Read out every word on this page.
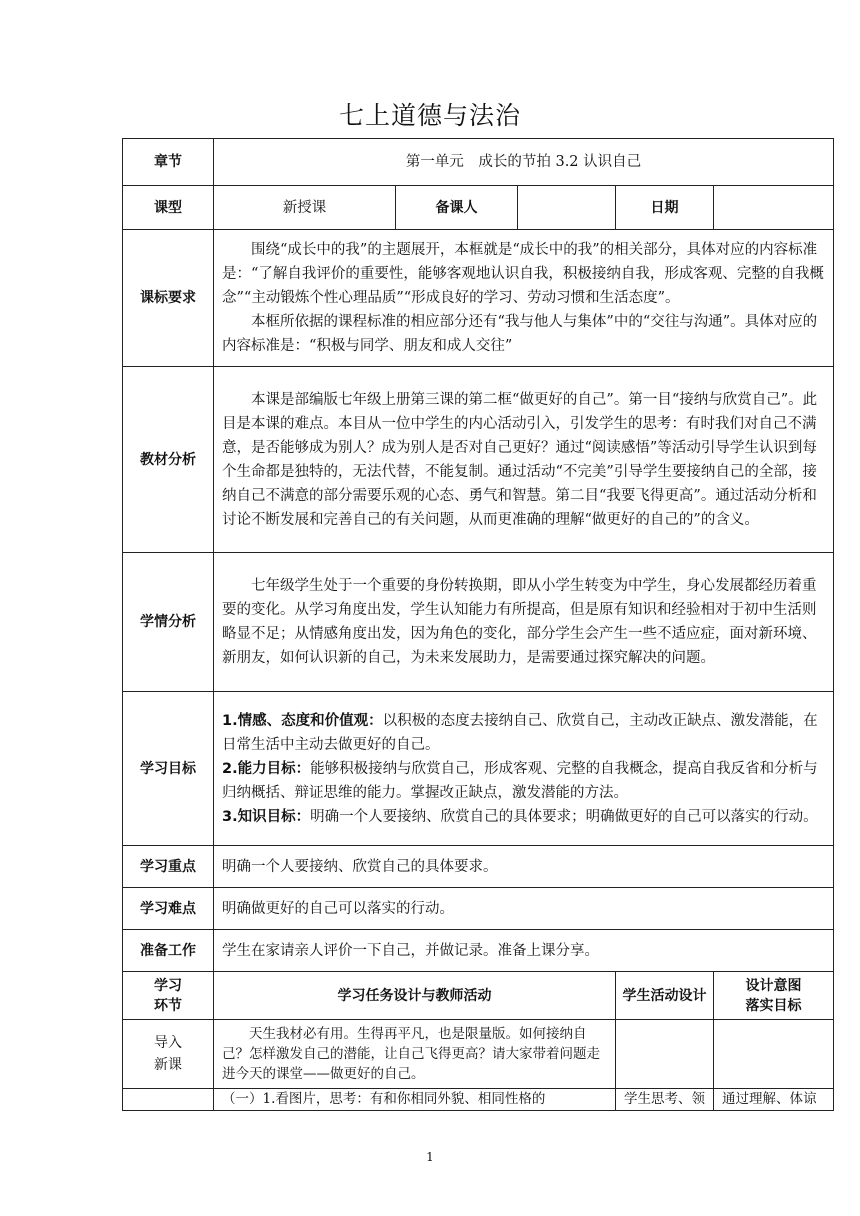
七上道德与法治
章节	第一单元　成长的节拍 3.2 认识自己				
课型	新授课	备课人		日期	
课标要求	围绕“成长中的我”的主题展开，本框就是“成长中的我”的相关部分，具体对应的内容标准是：“了解自我评价的重要性，能够客观地认识自我，积极接纳自我，形成客观、完整的自我概念”“主动锻炼个性心理品质”“形成良好的学习、劳动习惯和生活态度”。

本框所依据的课程标准的相应部分还有“我与他人与集体”中的“交往与沟通”。具体对应的内容标准是：“积极与同学、朋友和成人交往”				

教材分析	本课是部编版七年级上册第三课的第二框“做更好的自己”。第一目“接纳与欣赏自己”。此目是本课的难点。本目从一位中学生的内心活动引入，引发学生的思考：有时我们对自己不满意，是否能够成为别人？成为别人是否对自己更好？通过“阅读感悟”等活动引导学生认识到每个生命都是独特的，无法代替，不能复制。通过活动“不完美”引导学生要接纳自己的全部，接纳自己不满意的部分需要乐观的心态、勇气和智慧。第二目“我要飞得更高”。通过活动分析和讨论不断发展和完善自己的有关问题，从而更准确的理解“做更好的自己的”的含义。				

学情分析	七年级学生处于一个重要的身份转换期，即从小学生转变为中学生，身心发展都经历着重要的变化。从学习角度出发，学生认知能力有所提高，但是原有知识和经验相对于初中生活则略显不足；从情感角度出发，因为角色的变化，部分学生会产生一些不适应症，面对新环境、新朋友，如何认识新的自己，为未来发展助力，是需要通过探究解决的问题。				

学习目标	1.情感、态度和价值观：以积极的态度去接纳自己、欣赏自己，主动改正缺点、激发潜能，在日常生活中主动去做更好的自己。

2.能力目标：能够积极接纳与欣赏自己，形成客观、完整的自我概念，提高自我反省和分析与归纳概括、辩证思维的能力。掌握改正缺点，激发潜能的方法。

3.知识目标：明确一个人要接纳、欣赏自己的具体要求；明确做更好的自己可以落实的行动。				

学习重点	明确一个人要接纳、欣赏自己的具体要求。				
学习难点	明确做更好的自己可以落实的行动。				
准备工作	学生在家请亲人评价一下自己，并做记录。准备上课分享。				
学习
环节	学习任务设计与教师活动			学生活动设计	设计意图
落实目标
导入
新课	天生我材必有用。生得再平凡，也是限量版。如何接纳自己？怎样激发自己的潜能，让自己飞得更高？请大家带着问题走进今天的课堂——做更好的自己。				

	（一）1.看图片，思考：有和你相同外貌、相同性格的			学生思考、领	通过理解、体谅
1
